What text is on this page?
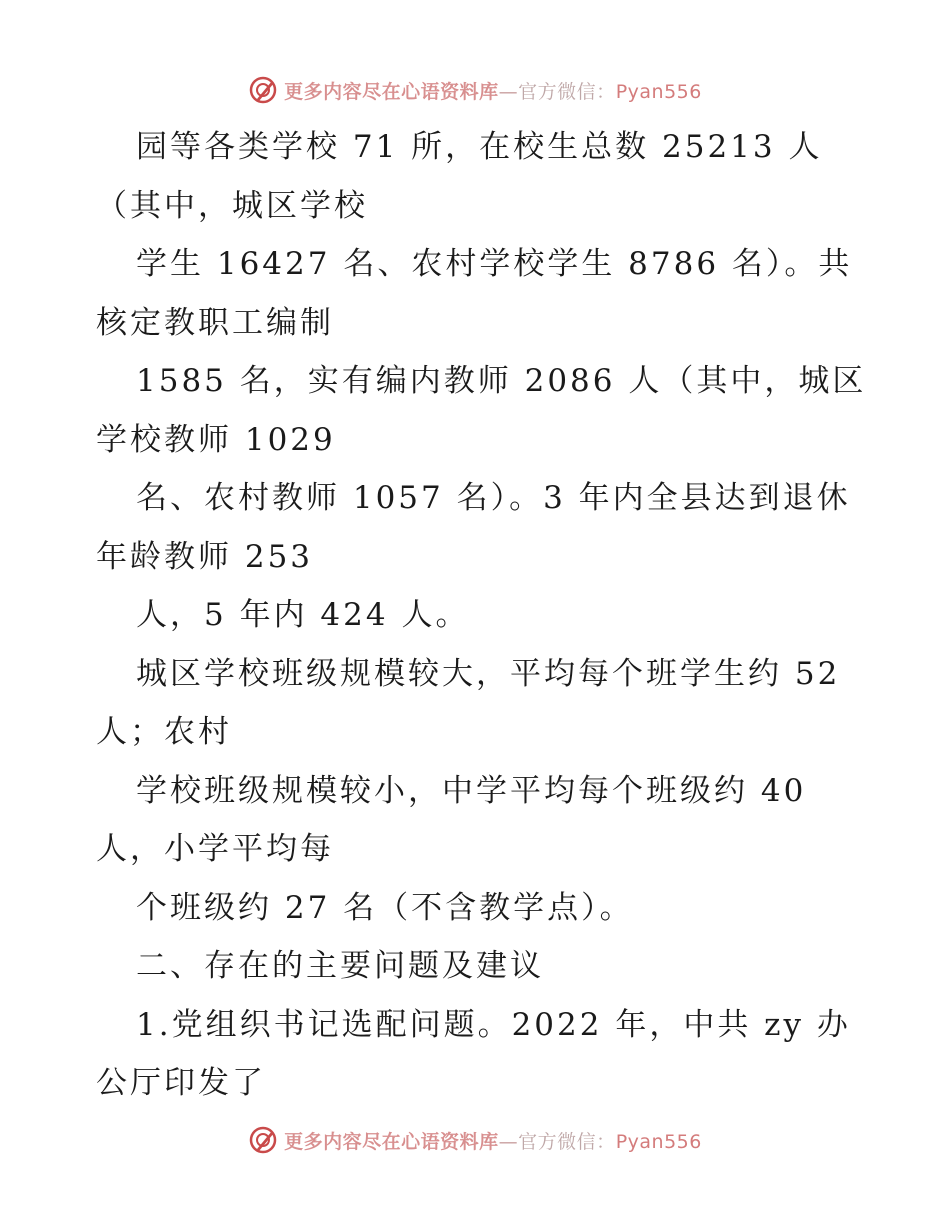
更多内容尽在心语资料库—官方微信：Pyan556
园等各类学校 71 所，在校生总数 25213 人
（其中，城区学校
学生 16427 名、农村学校学生 8786 名）。共
核定教职工编制
1585 名，实有编内教师 2086 人（其中，城区
学校教师 1029
名、农村教师 1057 名）。3 年内全县达到退休
年龄教师 253
人，5 年内 424 人。
城区学校班级规模较大，平均每个班学生约 52
人；农村
学校班级规模较小，中学平均每个班级约 40
人，小学平均每
个班级约 27 名（不含教学点）。
二、存在的主要问题及建议
1.党组织书记选配问题。2022 年，中共 zy 办
公厅印发了
更多内容尽在心语资料库—官方微信：Pyan556
